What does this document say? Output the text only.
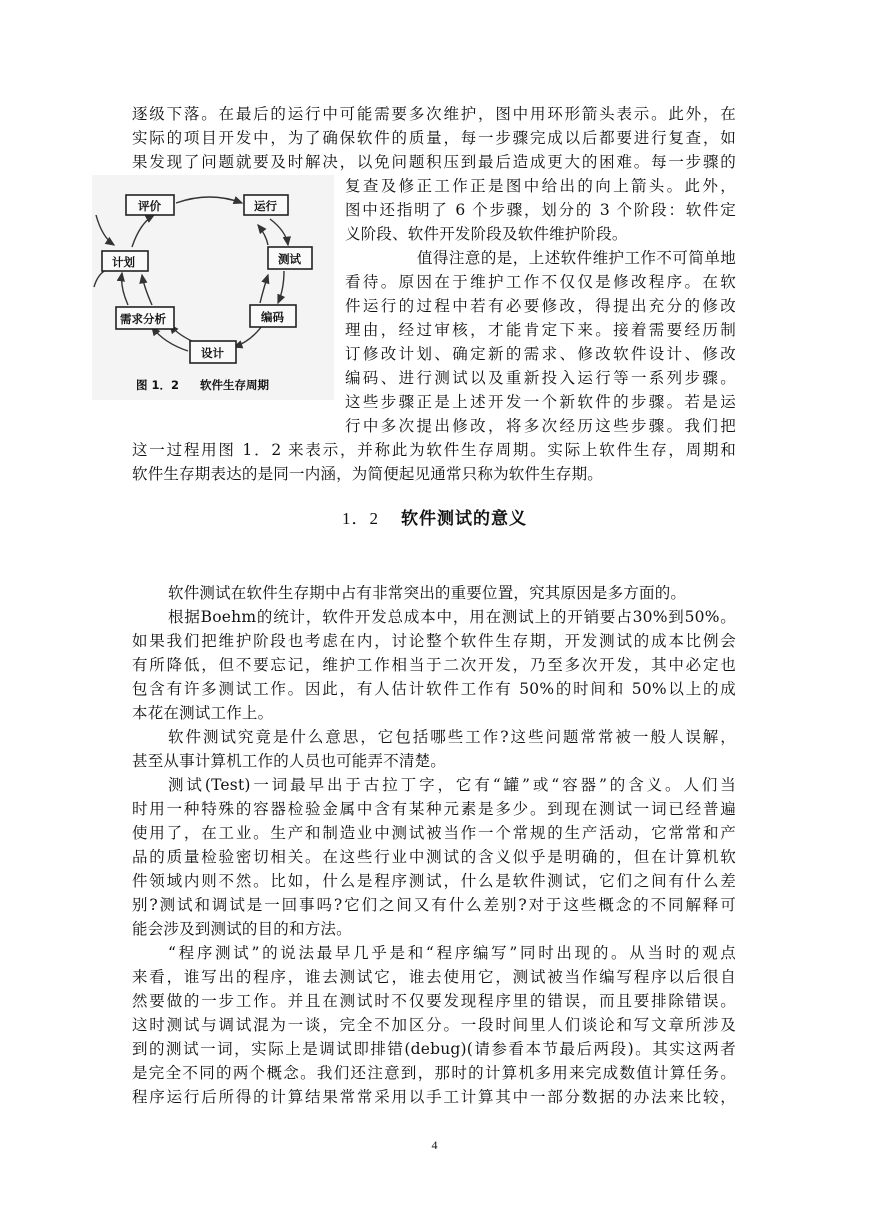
逐级下落。在最后的运行中可能需要多次维护，图中用环形箭头表示。此外，在
实际的项目开发中，为了确保软件的质量，每一步骤完成以后都要进行复查，如
果发现了问题就要及时解决，以免问题积压到最后造成更大的困难。每一步骤的
复查及修正工作正是图中给出的向上箭头。此外，
图中还指明了 6 个步骤，划分的 3 个阶段：软件定
义阶段、软件开发阶段及软件维护阶段。
值得注意的是，上述软件维护工作不可简单地
看待。原因在于维护工作不仅仅是修改程序。在软
件运行的过程中若有必要修改，得提出充分的修改
理由，经过审核，才能肯定下来。接着需要经历制
订修改计划、确定新的需求、修改软件设计、修改
编码、进行测试以及重新投入运行等一系列步骤。
这些步骤正是上述开发一个新软件的步骤。若是运
行中多次提出修改，将多次经历这些步骤。我们把
这一过程用图 1．2 来表示，并称此为软件生存周期。实际上软件生存，周期和
软件生存期表达的是同一内涵，为简便起见通常只称为软件生存期。
评价	运行
计划	测试
需求分析	编码
设计
图 1．2 软件生存周期
1．2 软件测试的意义
软件测试在软件生存期中占有非常突出的重要位置，究其原因是多方面的。
根据Boehm的统计，软件开发总成本中，用在测试上的开销要占30%到50%。
如果我们把维护阶段也考虑在内，讨论整个软件生存期，开发测试的成本比例会
有所降低，但不要忘记，维护工作相当于二次开发，乃至多次开发，其中必定也
包含有许多测试工作。因此，有人估计软件工作有 50%的时间和 50%以上的成
本花在测试工作上。
软件测试究竟是什么意思，它包括哪些工作?这些问题常常被一般人误解，
甚至从事计算机工作的人员也可能弄不清楚。
测试(Test)一词最早出于古拉丁字，它有“罐”或“容器”的含义。人们当
时用一种特殊的容器检验金属中含有某种元素是多少。到现在测试一词已经普遍
使用了，在工业。生产和制造业中测试被当作一个常规的生产活动，它常常和产
品的质量检验密切相关。在这些行业中测试的含义似乎是明确的，但在计算机软
件领域内则不然。比如，什么是程序测试，什么是软件测试，它们之间有什么差
别?测试和调试是一回事吗?它们之间又有什么差别?对于这些概念的不同解释可
能会涉及到测试的目的和方法。
“程序测试”的说法最早几乎是和“程序编写”同时出现的。从当时的观点
来看，谁写出的程序，谁去测试它，谁去使用它，测试被当作编写程序以后很自
然要做的一步工作。并且在测试时不仅要发现程序里的错误，而且要排除错误。
这时测试与调试混为一谈，完全不加区分。一段时间里人们谈论和写文章所涉及
到的测试一词，实际上是调试即排错(debug)(请参看本节最后两段)。其实这两者
是完全不同的两个概念。我们还注意到，那时的计算机多用来完成数值计算任务。
程序运行后所得的计算结果常常采用以手工计算其中一部分数据的办法来比较，
4
